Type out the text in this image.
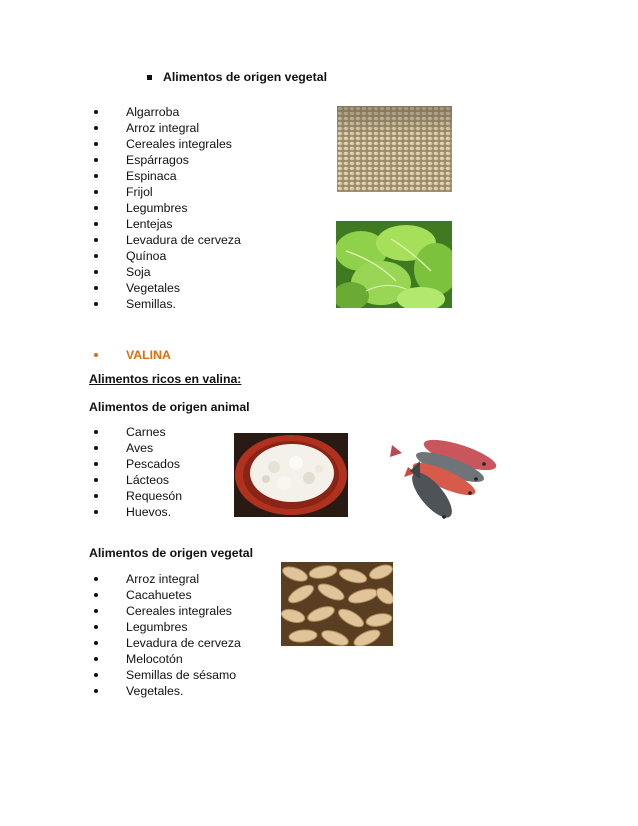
Alimentos de origen vegetal
Algarroba
Arroz integral
Cereales integrales
Espárragos
Espinaca
Frijol
Legumbres
Lentejas
Levadura de cerveza
Quínoa
Soja
Vegetales
Semillas.
VALINA
Alimentos ricos en valina:
Alimentos de origen animal
Carnes
Aves
Pescados
Lácteos
Requesón
Huevos.
Alimentos de origen vegetal
Arroz integral
Cacahuetes
Cereales integrales
Legumbres
Levadura de cerveza
Melocotón
Semillas de sésamo
Vegetales.
